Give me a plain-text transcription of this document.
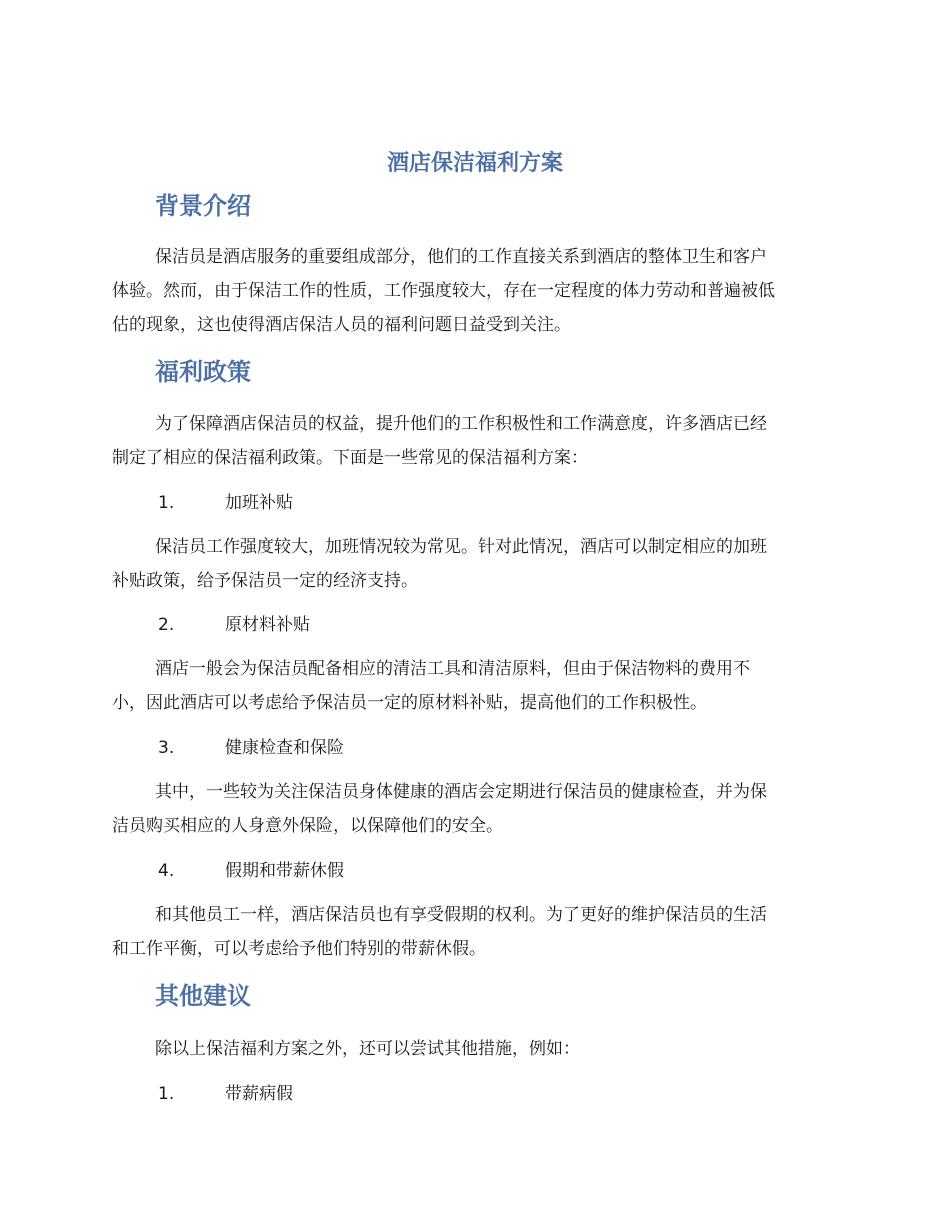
酒店保洁福利方案
背景介绍

保洁员是酒店服务的重要组成部分，他们的工作直接关系到酒店的整体卫生和客户
体验。然而，由于保洁工作的性质，工作强度较大，存在一定程度的体力劳动和普遍被低
估的现象，这也使得酒店保洁人员的福利问题日益受到关注。

福利政策

为了保障酒店保洁员的权益，提升他们的工作积极性和工作满意度，许多酒店已经
制定了相应的保洁福利政策。下面是一些常见的保洁福利方案：

1.	加班补贴

保洁员工作强度较大，加班情况较为常见。针对此情况，酒店可以制定相应的加班
补贴政策，给予保洁员一定的经济支持。

2.	原材料补贴

酒店一般会为保洁员配备相应的清洁工具和清洁原料，但由于保洁物料的费用不
小，因此酒店可以考虑给予保洁员一定的原材料补贴，提高他们的工作积极性。

3.	健康检查和保险

其中，一些较为关注保洁员身体健康的酒店会定期进行保洁员的健康检查，并为保
洁员购买相应的人身意外保险，以保障他们的安全。

4.	假期和带薪休假

和其他员工一样，酒店保洁员也有享受假期的权利。为了更好的维护保洁员的生活
和工作平衡，可以考虑给予他们特别的带薪休假。

其他建议

除以上保洁福利方案之外，还可以尝试其他措施，例如：

1.	带薪病假
